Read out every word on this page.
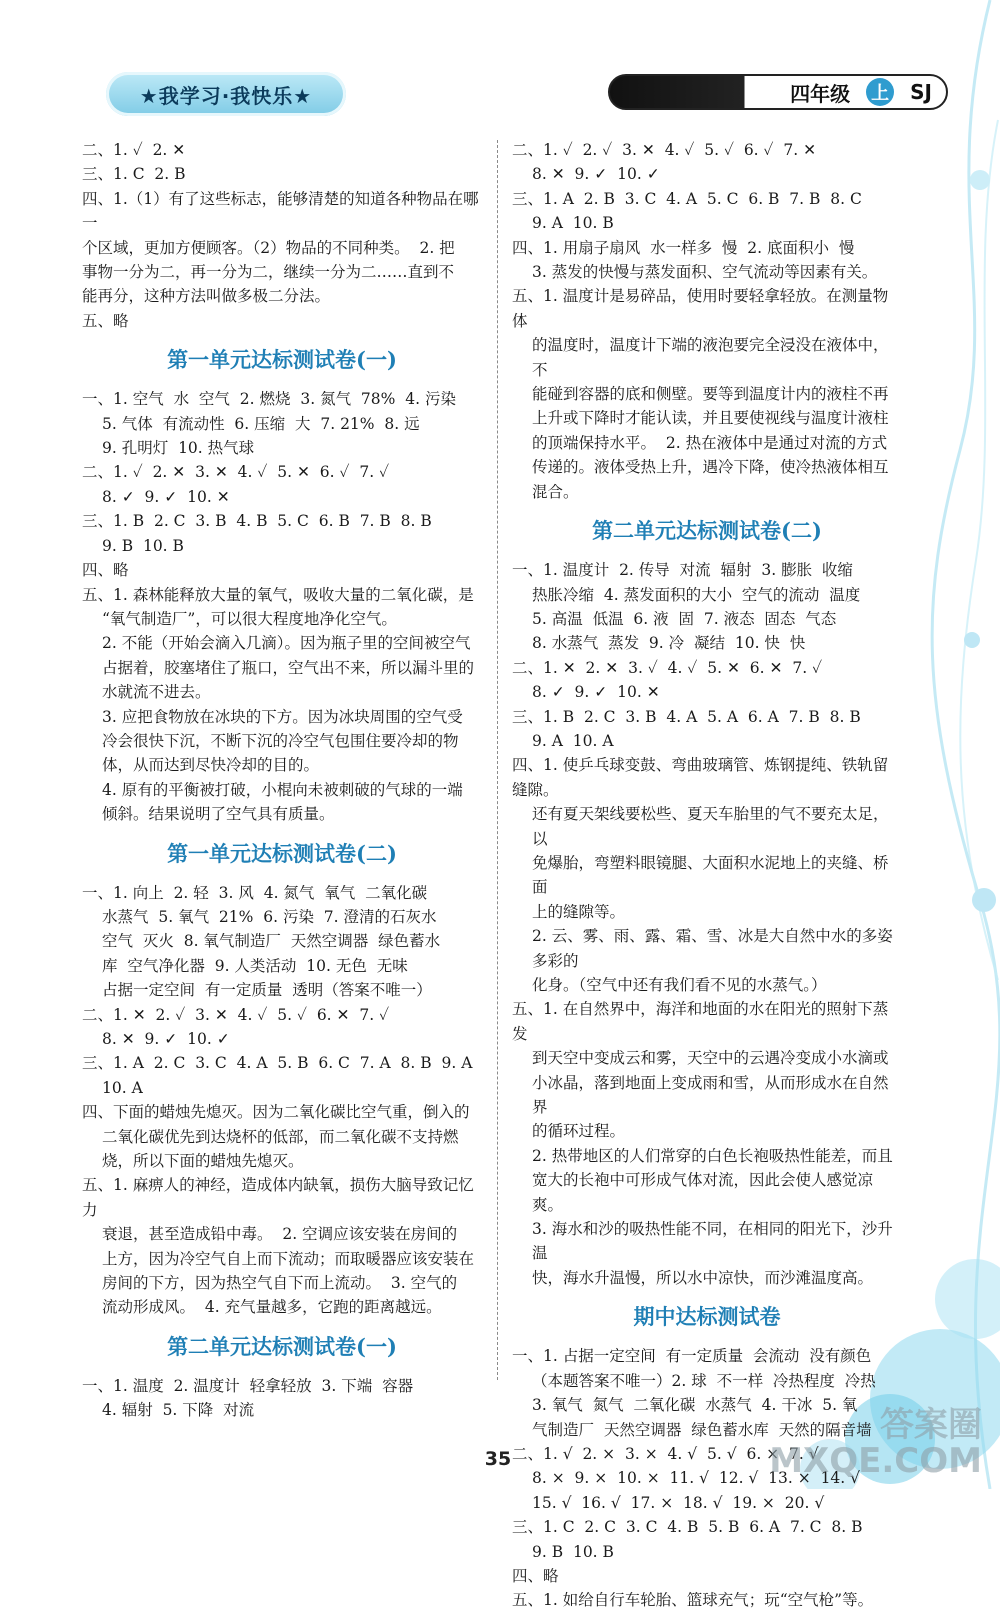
★我学习·我快乐★	四年级 上 SJ
二、1. ✓  2. ✕
三、1. C  2. B
四、1.（1）有了这些标志，能够清楚的知道各种物品在哪一
个区域，更加方便顾客。（2）物品的不同种类。  2. 把
事物一分为二，再一分为二，继续一分为二……直到不
能再分，这种方法叫做多极二分法。
五、略
第一单元达标测试卷(一)
一、1. 空气  水  空气  2. 燃烧  3. 氮气  78%  4. 污染
5. 气体  有流动性  6. 压缩  大  7. 21%  8. 远
9. 孔明灯  10. 热气球
二、1. ✓  2. ✕  3. ✕  4. ✓  5. ✕  6. ✓  7. ✓
8. ✓  9. ✓  10. ✕
三、1. B  2. C  3. B  4. B  5. C  6. B  7. B  8. B
9. B  10. B
四、略
五、1. 森林能释放大量的氧气，吸收大量的二氧化碳，是
“氧气制造厂”，可以很大程度地净化空气。
2. 不能（开始会滴入几滴）。因为瓶子里的空间被空气
占据着，胶塞堵住了瓶口，空气出不来，所以漏斗里的
水就流不进去。
3. 应把食物放在冰块的下方。因为冰块周围的空气受
冷会很快下沉，不断下沉的冷空气包围住要冷却的物
体，从而达到尽快冷却的目的。
4. 原有的平衡被打破，小棍向未被刺破的气球的一端
倾斜。结果说明了空气具有质量。
第一单元达标测试卷(二)
一、1. 向上  2. 轻  3. 风  4. 氮气  氧气  二氧化碳
水蒸气  5. 氧气  21%  6. 污染  7. 澄清的石灰水
空气  灭火  8. 氧气制造厂  天然空调器  绿色蓄水
库  空气净化器  9. 人类活动  10. 无色  无味
占据一定空间  有一定质量  透明（答案不唯一）
二、1. ✕  2. ✓  3. ✕  4. ✓  5. ✓  6. ✕  7. ✓
8. ✕  9. ✓  10. ✓
三、1. A  2. C  3. C  4. A  5. B  6. C  7. A  8. B  9. A
10. A
四、下面的蜡烛先熄灭。因为二氧化碳比空气重，倒入的
二氧化碳优先到达烧杯的低部，而二氧化碳不支持燃
烧，所以下面的蜡烛先熄灭。
五、1. 麻痹人的神经，造成体内缺氧，损伤大脑导致记忆力
衰退，甚至造成铅中毒。  2. 空调应该安装在房间的
上方，因为冷空气自上而下流动；而取暖器应该安装在
房间的下方，因为热空气自下而上流动。  3. 空气的
流动形成风。  4. 充气量越多，它跑的距离越远。
第二单元达标测试卷(一)
一、1. 温度  2. 温度计  轻拿轻放  3. 下端  容器
4. 辐射  5. 下降  对流
二、1. ✓  2. ✓  3. ✕  4. ✓  5. ✓  6. ✓  7. ✕
8. ✕  9. ✓  10. ✓
三、1. A  2. B  3. C  4. A  5. C  6. B  7. B  8. C
9. A  10. B
四、1. 用扇子扇风  水一样多  慢  2. 底面积小  慢
3. 蒸发的快慢与蒸发面积、空气流动等因素有关。
五、1. 温度计是易碎品，使用时要轻拿轻放。在测量物体
的温度时，温度计下端的液泡要完全浸没在液体中，不
能碰到容器的底和侧壁。要等到温度计内的液柱不再
上升或下降时才能认读，并且要使视线与温度计液柱
的顶端保持水平。  2. 热在液体中是通过对流的方式
传递的。液体受热上升，遇冷下降，使冷热液体相互
混合。
第二单元达标测试卷(二)
一、1. 温度计  2. 传导  对流  辐射  3. 膨胀  收缩
热胀冷缩  4. 蒸发面积的大小  空气的流动  温度
5. 高温  低温  6. 液  固  7. 液态  固态  气态
8. 水蒸气  蒸发  9. 冷  凝结  10. 快  快
二、1. ✕  2. ✕  3. ✓  4. ✓  5. ✕  6. ✕  7. ✓
8. ✓  9. ✓  10. ✕
三、1. B  2. C  3. B  4. A  5. A  6. A  7. B  8. B
9. A  10. A
四、1. 使乒乓球变鼓、弯曲玻璃管、炼钢提纯、铁轨留缝隙。
还有夏天架线要松些、夏天车胎里的气不要充太足，以
免爆胎，弯塑料眼镜腿、大面积水泥地上的夹缝、桥面
上的缝隙等。
2. 云、雾、雨、露、霜、雪、冰是大自然中水的多姿多彩的
化身。（空气中还有我们看不见的水蒸气。）
五、1. 在自然界中，海洋和地面的水在阳光的照射下蒸发
到天空中变成云和雾，天空中的云遇冷变成小水滴或
小冰晶，落到地面上变成雨和雪，从而形成水在自然界
的循环过程。
2. 热带地区的人们常穿的白色长袍吸热性能差，而且
宽大的长袍中可形成气体对流，因此会使人感觉凉爽。
3. 海水和沙的吸热性能不同，在相同的阳光下，沙升温
快，海水升温慢，所以水中凉快，而沙滩温度高。
期中达标测试卷
一、1. 占据一定空间  有一定质量  会流动  没有颜色
（本题答案不唯一）2. 球  不一样  冷热程度  冷热
3. 氧气  氮气  二氧化碳  水蒸气  4. 干冰  5. 氧
气制造厂  天然空调器  绿色蓄水库  天然的隔音墙
二、1. √  2. ×  3. ×  4. √  5. √  6. ×  7. √
8. ×  9. ×  10. ×  11. √  12. √  13. ×  14. √
15. √  16. √  17. ×  18. √  19. ×  20. √
三、1. C  2. C  3. C  4. B  5. B  6. A  7. C  8. B
9. B  10. B
四、略
五、1. 如给自行车轮胎、篮球充气；玩“空气枪”等。
35
答案圈
MXQE.COM
